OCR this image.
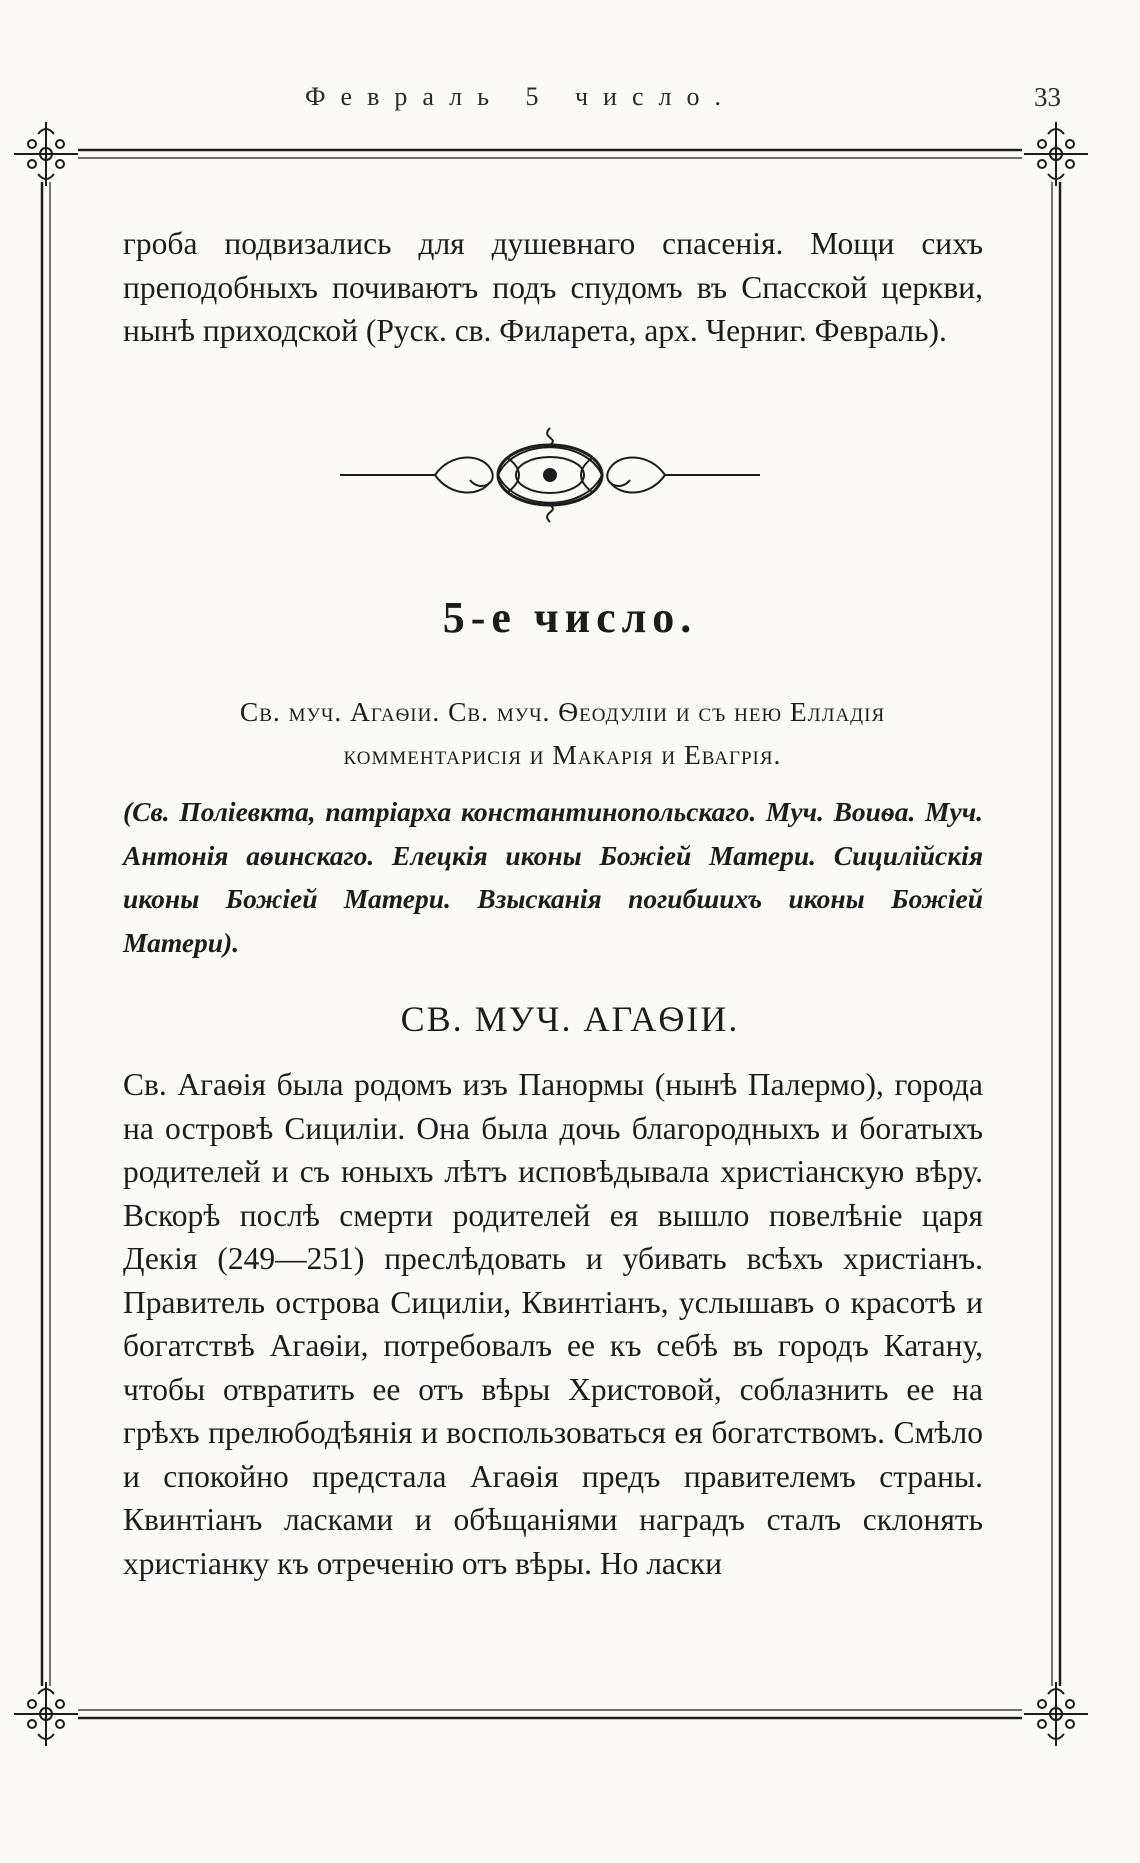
Февраль 5 число.	33

гроба подвизались для душевнаго спасенія. Мощи сихъ преподобныхъ почиваютъ подъ спудомъ въ Спасской церкви, нынѣ приходской (Руск. св. Филарета, арх. Черниг. Февраль).

5-е число.
Св. муч. Агаѳіи. Св. муч. Ѳеодуліи и съ нею Елладія
комментарисія и Макарія и Евагрія.
(Св. Поліевкта, патріарха константинопольскаго. Муч. Воиѳа. Муч. Антонія аѳинскаго. Елецкія иконы Божіей Матери. Сицилійскія иконы Божіей Матери. Взысканія погибшихъ иконы Божіей Матери).
СВ. МУЧ. АГАѲІИ.

Св. Агаѳія была родомъ изъ Панормы (нынѣ Палермо), города на островѣ Сициліи. Она была дочь благородныхъ и богатыхъ родителей и съ юныхъ лѣтъ исповѣдывала христіанскую вѣру. Вскорѣ послѣ смерти родителей ея вышло повелѣніе царя Декія (249—251) преслѣдовать и убивать всѣхъ христіанъ. Правитель острова Сициліи, Квинтіанъ, услышавъ о красотѣ и богатствѣ Агаѳіи, потребовалъ ее къ себѣ въ городъ Катану, чтобы отвратить ее отъ вѣры Христовой, соблазнить ее на грѣхъ прелюбодѣянія и воспользоваться ея богатствомъ. Смѣло и спокойно предстала Агаѳія предъ правителемъ страны. Квинтіанъ ласками и обѣщаніями наградъ сталъ склонять христіанку къ отреченію отъ вѣры. Но ласки
